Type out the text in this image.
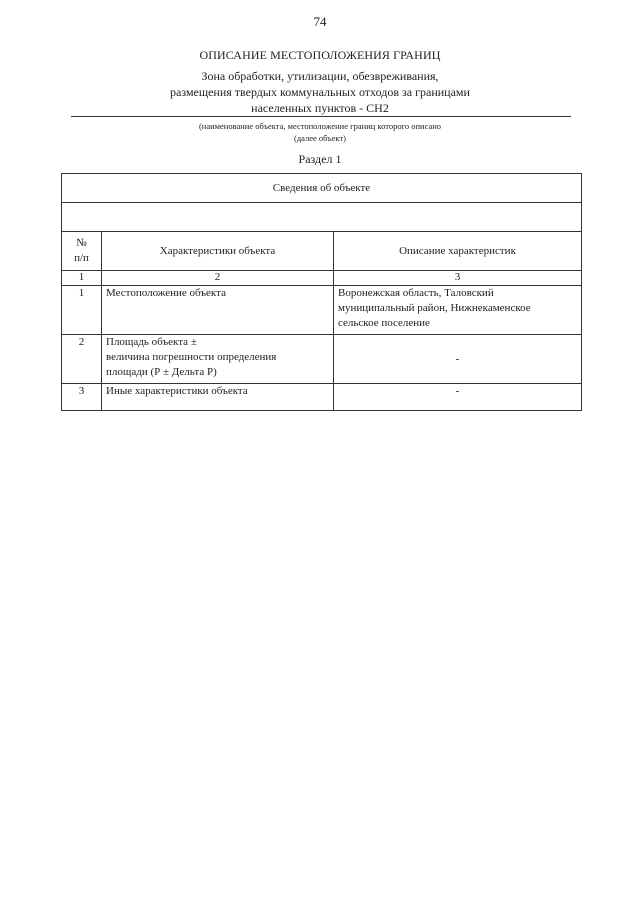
74
ОПИСАНИЕ МЕСТОПОЛОЖЕНИЯ ГРАНИЦ
Зона обработки, утилизации, обезвреживания,
размещения твердых коммунальных отходов за границами
населенных пунктов - СН2
(наименование объекта, местоположение границ которого описано
(далее объект)
Раздел 1
Сведения об объекте		

№
п/п	Характеристики объекта	Описание характеристик
1	2	3
1	Местоположение объекта	Воронежская область, Таловский
муниципальный район, Нижнекаменское
сельское поселение

2	Площадь объекта ±
величина погрешности определения
площади (Р ± Дельта Р)	-

3	Иные характеристики объекта	-
